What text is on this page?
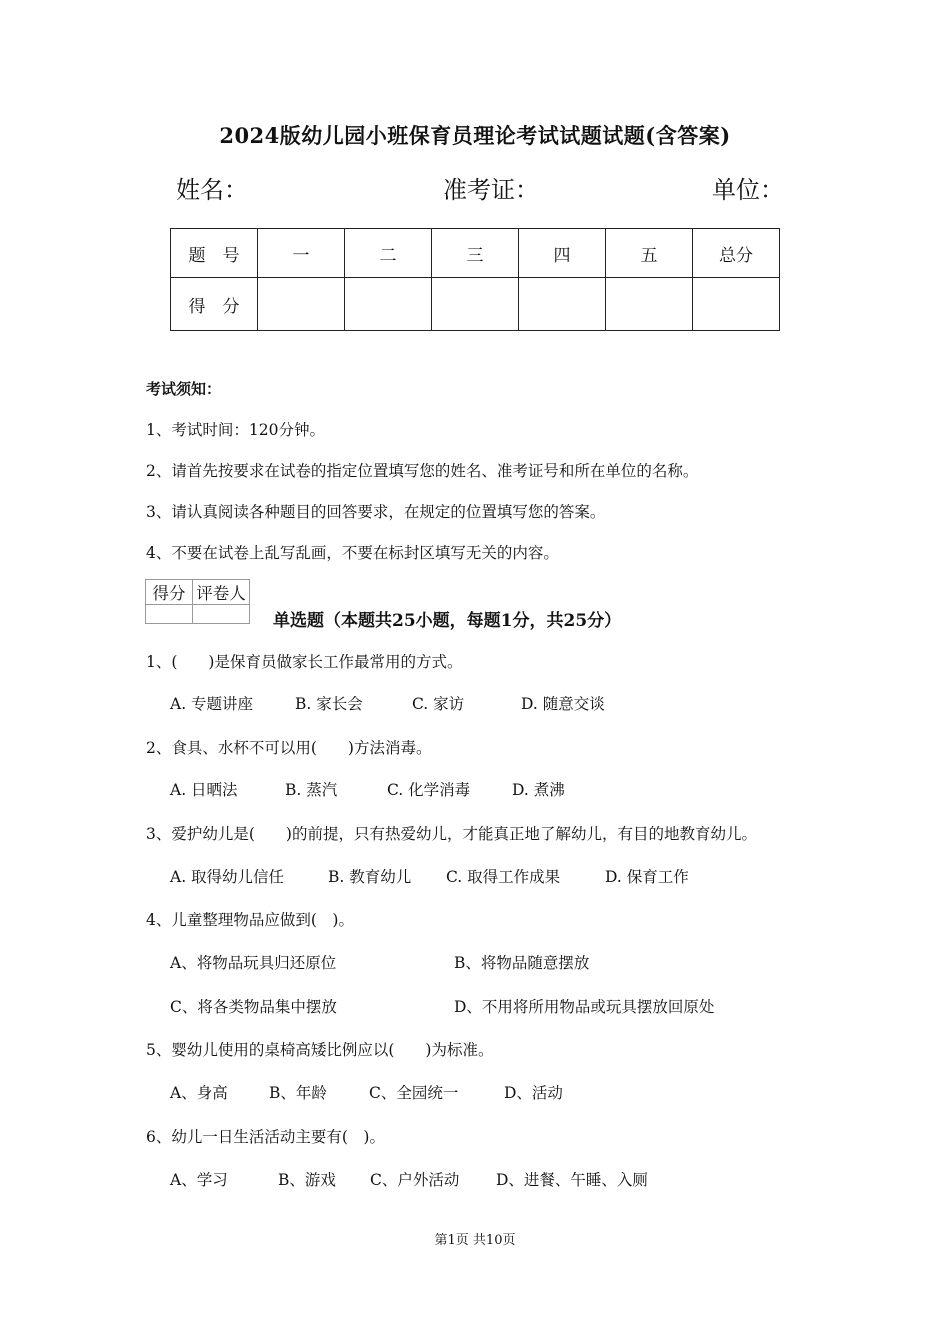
2024版幼儿园小班保育员理论考试试题试题(含答案)
姓名：	准考证：	单位：
题　号	一	二	三	四	五	总分
得　分						
考试须知：
1、考试时间：120分钟。
2、请首先按要求在试卷的指定位置填写您的姓名、准考证号和所在单位的名称。
3、请认真阅读各种题目的回答要求，在规定的位置填写您的答案。
4、不要在试卷上乱写乱画，不要在标封区填写无关的内容。
得分	评卷人

单选题（本题共25小题，每题1分，共25分）
1、(　　)是保育员做家长工作最常用的方式。
A. 专题讲座	B. 家长会	C. 家访	D. 随意交谈
2、食具、水杯不可以用(　　)方法消毒。
A. 日晒法	B. 蒸汽	C. 化学消毒	D. 煮沸
3、爱护幼儿是(　　)的前提，只有热爱幼儿，才能真正地了解幼儿，有目的地教育幼儿。
A. 取得幼儿信任	B. 教育幼儿 C. 取得工作成果	D. 保育工作
4、儿童整理物品应做到(　)。
A、将物品玩具归还原位	B、将物品随意摆放
C、将各类物品集中摆放	D、不用将所用物品或玩具摆放回原处
5、婴幼儿使用的桌椅高矮比例应以(　　)为标准。
A、身高	B、年龄	C、全园统一	D、活动
6、幼儿一日生活活动主要有(　)。
A、学习	B、游戏 C、户外活动 D、进餐、午睡、入厕
第1页 共10页
